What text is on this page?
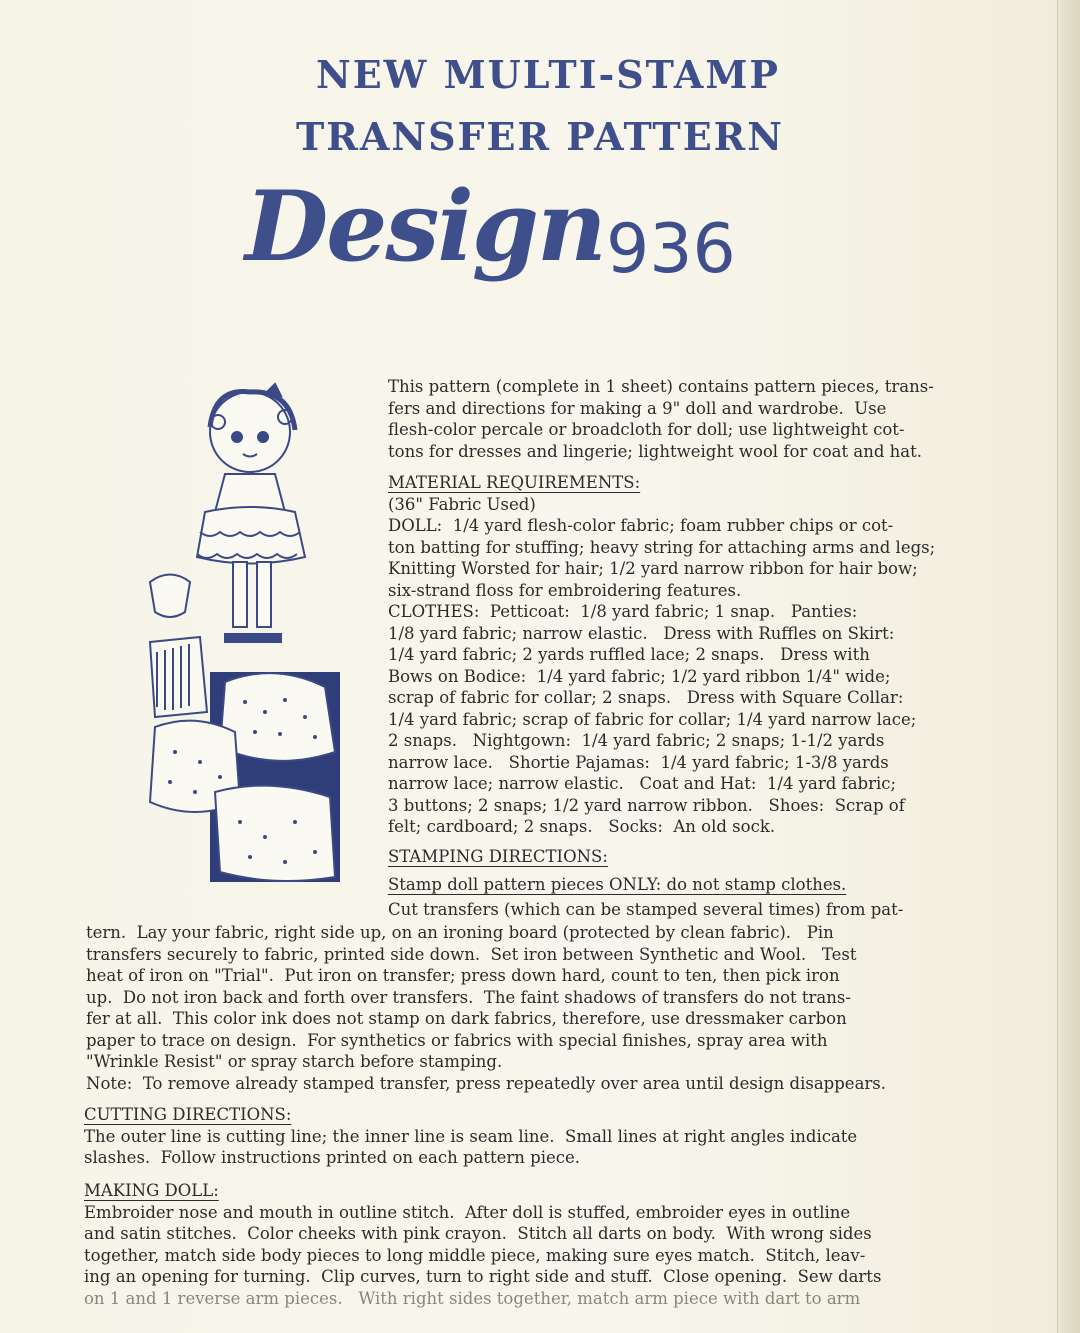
NEW MULTI-STAMP
TRANSFER PATTERN
Design 936
This pattern (complete in 1 sheet) contains pattern pieces, trans-
fers and directions for making a 9" doll and wardrobe.  Use
flesh-color percale or broadcloth for doll; use lightweight cot-
tons for dresses and lingerie; lightweight wool for coat and hat.
MATERIAL REQUIREMENTS:
(36" Fabric Used)
DOLL:  1/4 yard flesh-color fabric; foam rubber chips or cot-
ton batting for stuffing; heavy string for attaching arms and legs;
Knitting Worsted for hair; 1/2 yard narrow ribbon for hair bow;
six-strand floss for embroidering features.
CLOTHES:  Petticoat:  1/8 yard fabric; 1 snap.   Panties:
1/8 yard fabric; narrow elastic.   Dress with Ruffles on Skirt:
1/4 yard fabric; 2 yards ruffled lace; 2 snaps.   Dress with
Bows on Bodice:  1/4 yard fabric; 1/2 yard ribbon 1/4" wide;
scrap of fabric for collar; 2 snaps.   Dress with Square Collar:
1/4 yard fabric; scrap of fabric for collar; 1/4 yard narrow lace;
2 snaps.   Nightgown:  1/4 yard fabric; 2 snaps; 1-1/2 yards
narrow lace.   Shortie Pajamas:  1/4 yard fabric; 1-3/8 yards
narrow lace; narrow elastic.   Coat and Hat:  1/4 yard fabric;
3 buttons; 2 snaps; 1/2 yard narrow ribbon.   Shoes:  Scrap of
felt; cardboard; 2 snaps.   Socks:  An old sock.
STAMPING DIRECTIONS:
Stamp doll pattern pieces ONLY: do not stamp clothes.
Cut transfers (which can be stamped several times) from pat-
tern.  Lay your fabric, right side up, on an ironing board (protected by clean fabric).   Pin
transfers securely to fabric, printed side down.  Set iron between Synthetic and Wool.   Test
heat of iron on "Trial".  Put iron on transfer; press down hard, count to ten, then pick iron
up.  Do not iron back and forth over transfers.  The faint shadows of transfers do not trans-
fer at all.  This color ink does not stamp on dark fabrics, therefore, use dressmaker carbon
paper to trace on design.  For synthetics or fabrics with special finishes, spray area with
"Wrinkle Resist" or spray starch before stamping.
Note:  To remove already stamped transfer, press repeatedly over area until design disappears.
CUTTING DIRECTIONS:
The outer line is cutting line; the inner line is seam line.  Small lines at right angles indicate
slashes.  Follow instructions printed on each pattern piece.
MAKING DOLL:
Embroider nose and mouth in outline stitch.  After doll is stuffed, embroider eyes in outline
and satin stitches.  Color cheeks with pink crayon.  Stitch all darts on body.  With wrong sides
together, match side body pieces to long middle piece, making sure eyes match.  Stitch, leav-
ing an opening for turning.  Clip curves, turn to right side and stuff.  Close opening.  Sew darts
on 1 and 1 reverse arm pieces.   With right sides together, match arm piece with dart to arm
